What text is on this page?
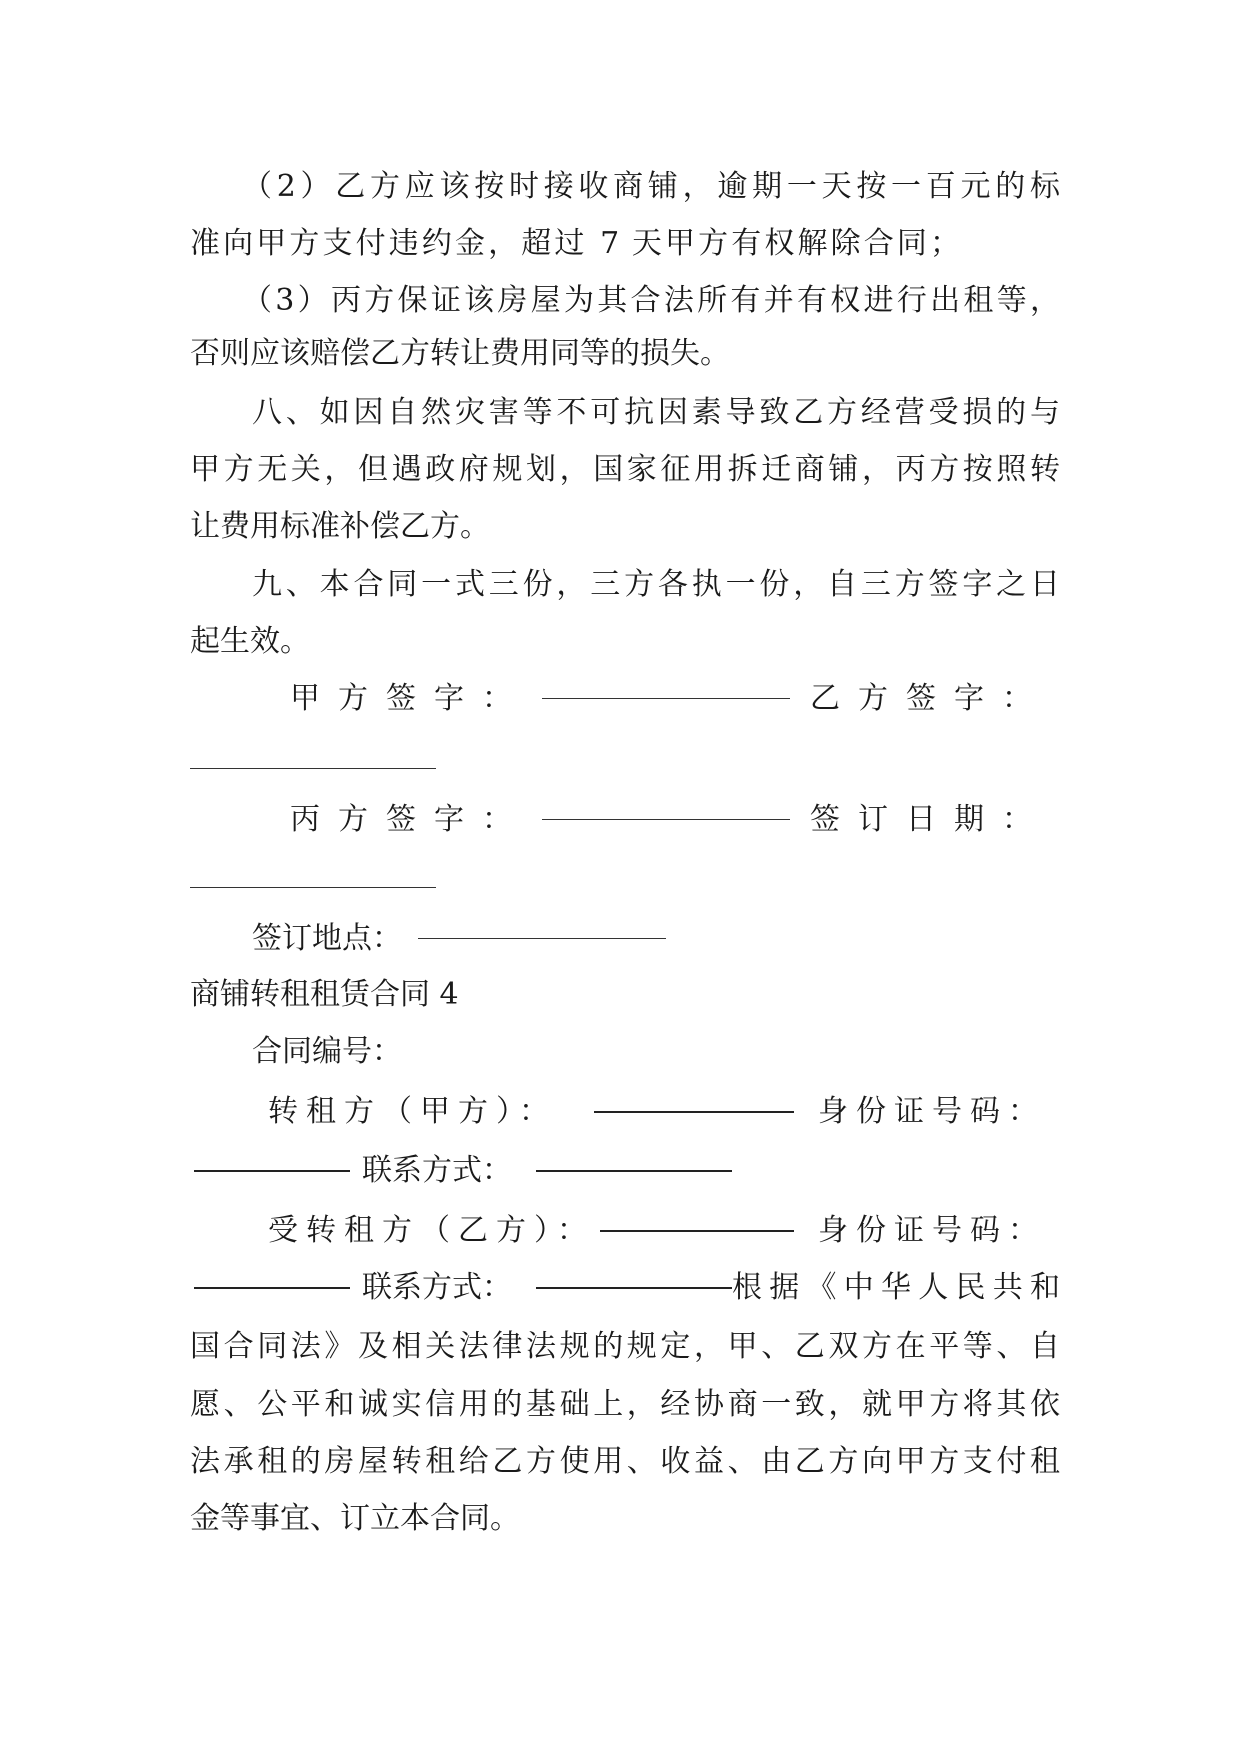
（2）乙方应该按时接收商铺，逾期一天按一百元的标
准向甲方支付违约金，超过 7 天甲方有权解除合同；
（3）丙方保证该房屋为其合法所有并有权进行出租等，
否则应该赔偿乙方转让费用同等的损失。
八、如因自然灾害等不可抗因素导致乙方经营受损的与
甲方无关，但遇政府规划，国家征用拆迁商铺，丙方按照转
让费用标准补偿乙方。
九、本合同一式三份，三方各执一份，自三方签字之日
起生效。
甲方签字：	乙方签字：
丙方签字：	签订日期：
签订地点：
商铺转租租赁合同 4
合同编号：
转租方（甲方）：	身份证号码：
联系方式：
受转租方（乙方）：	身份证号码：
联系方式：	根据《中华人民共和
国合同法》及相关法律法规的规定，甲、乙双方在平等、自
愿、公平和诚实信用的基础上，经协商一致，就甲方将其依
法承租的房屋转租给乙方使用、收益、由乙方向甲方支付租
金等事宜、订立本合同。
